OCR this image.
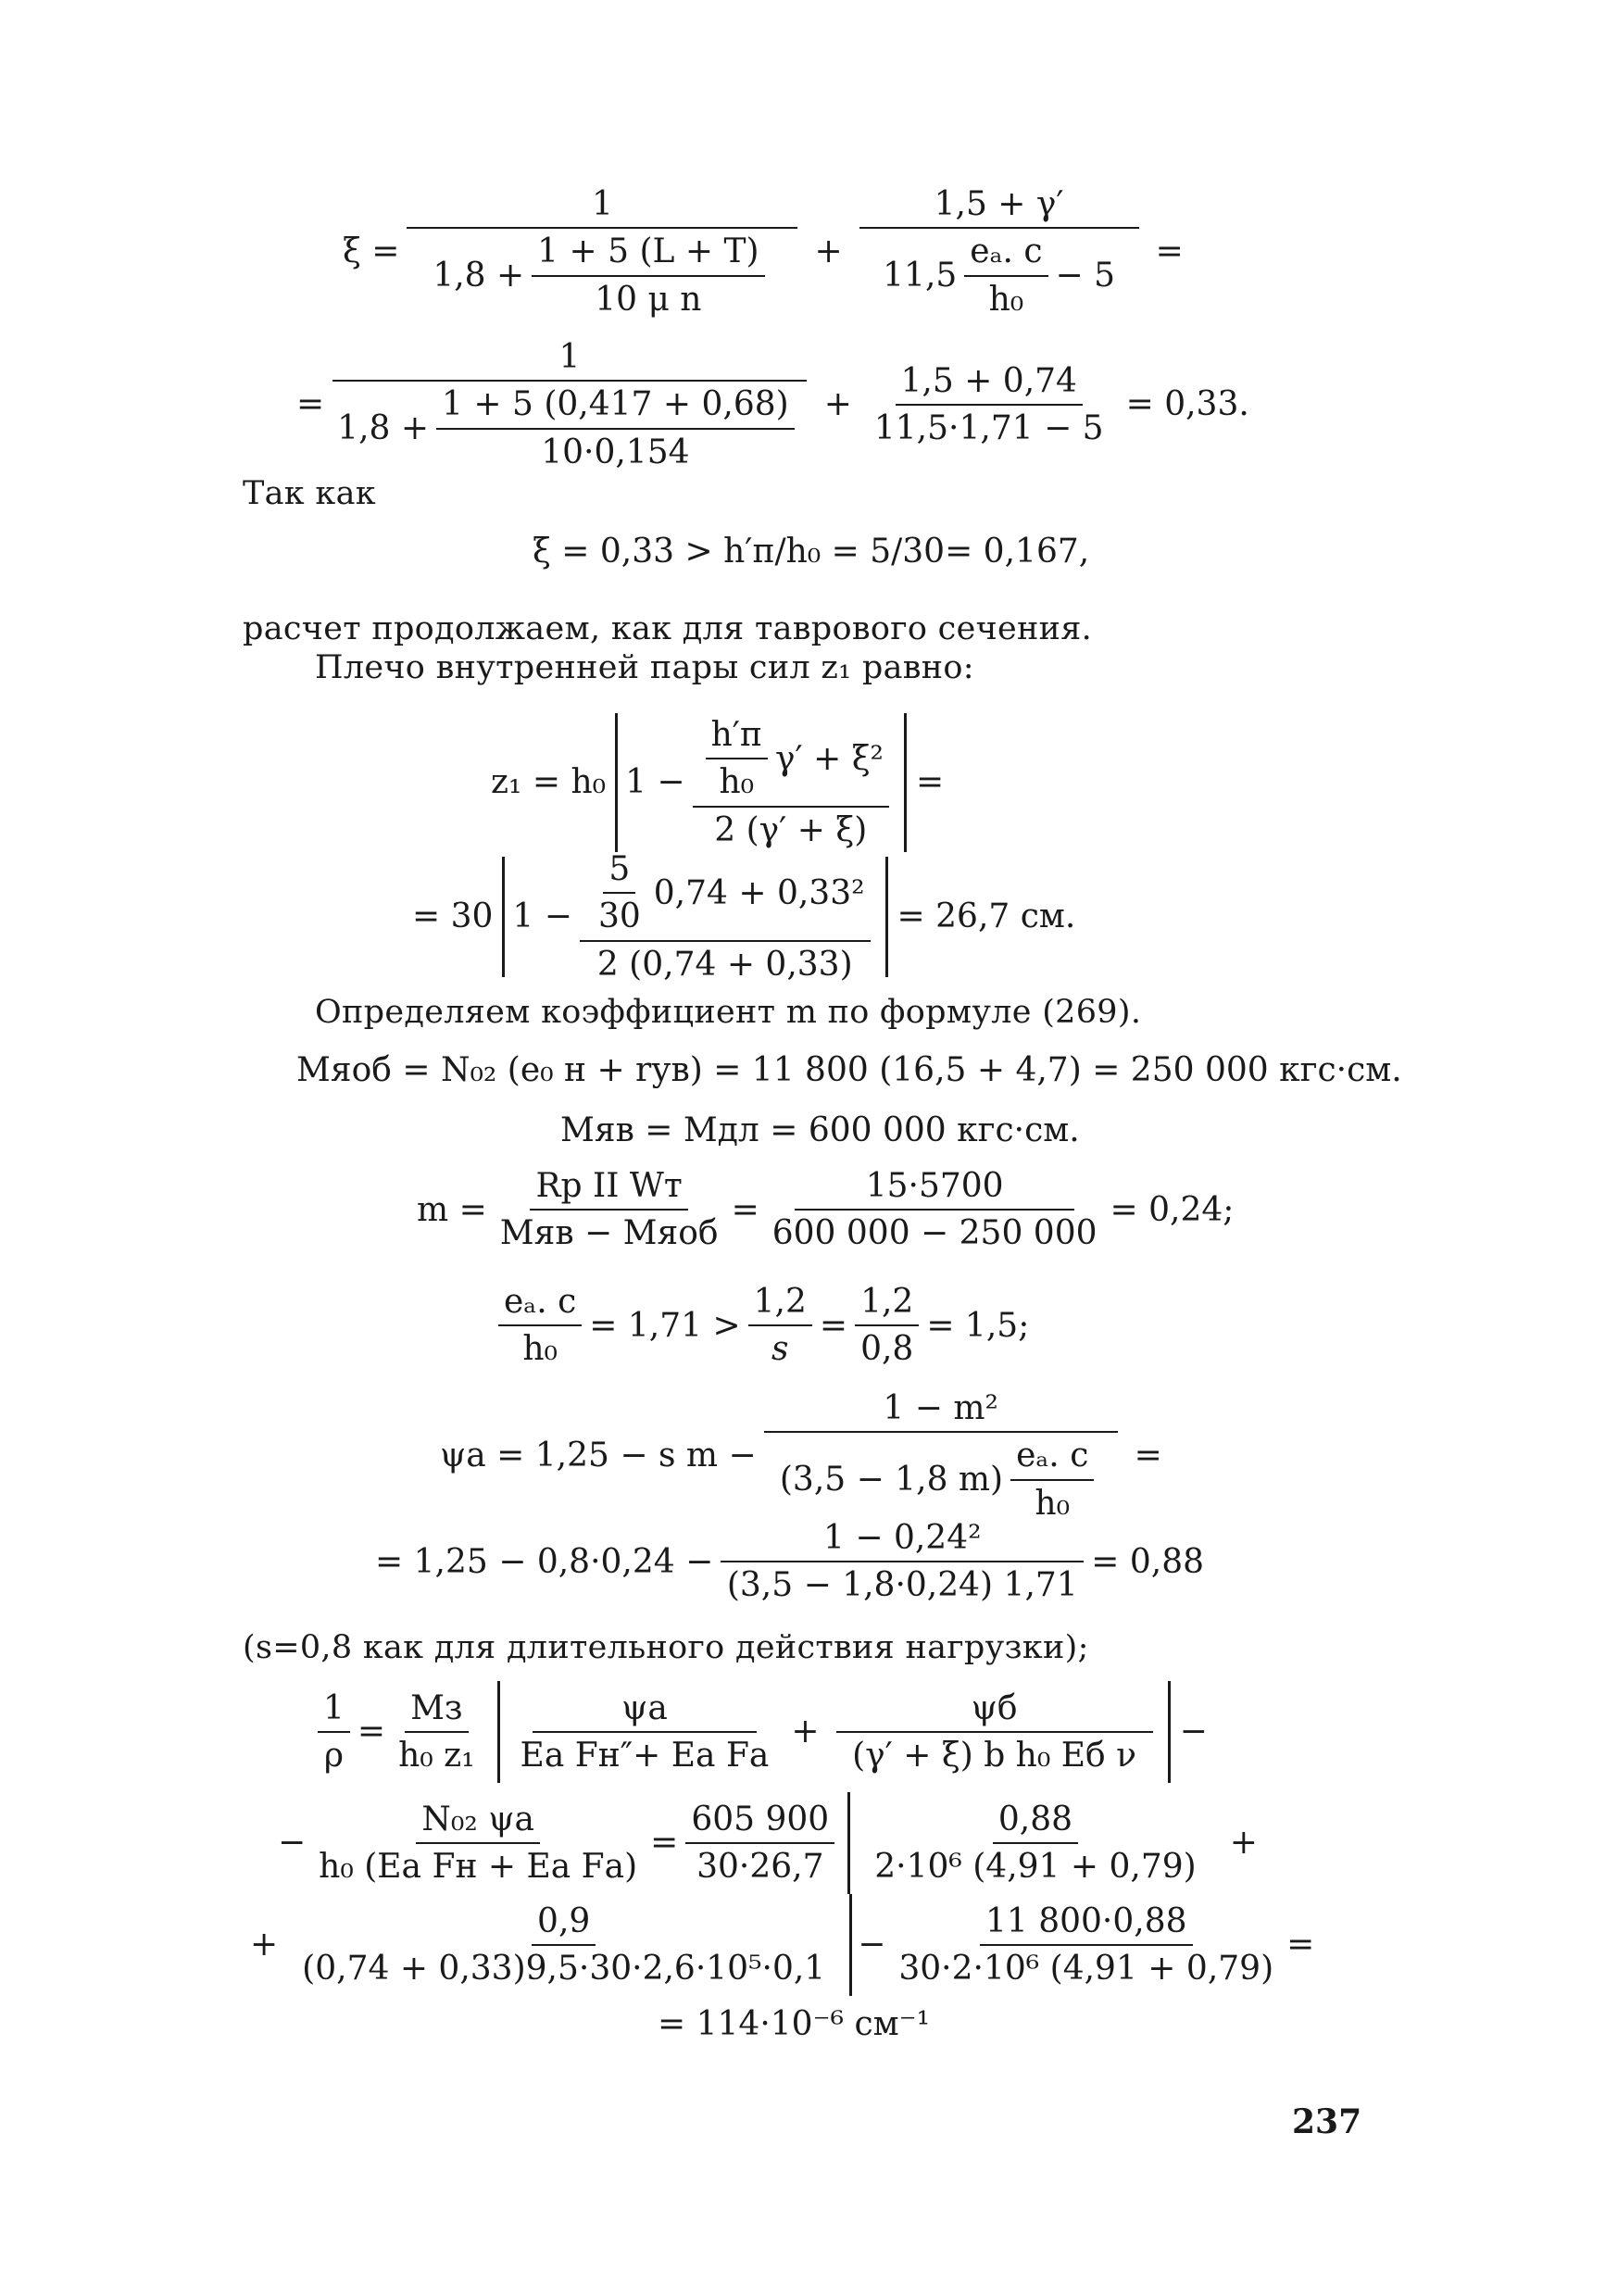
$\xi = \frac{1}{1,8 + \frac{1 + 5 (L + T)}{\text{10 μ n}}} + \frac{1,5 + \gamma'}{11,5 \frac{\text{eₐ. c}}{\text{h₀}} - 5}$ =
= $\frac{1}{1,8 + \frac{1 + 5 (0,417 + 0,68)}{10\cdot 0,154}} + \frac{1,5 + 0,74}{11,5\cdot 1,71 - 5} = 0,33$.
Так как
ξ = 0,33 > h′п/h₀ = 5/30= 0,167,
расчет продолжаем, как для таврового сечения.
Плечо внутренней пары сил z₁ равно:
z₁ = h₀ $1 - \frac{\frac{h'п}{\text{h₀}} \gamma' + \xi^2}{2 (\gamma' + \xi)}$ =
= 30 $1 - \frac{\frac{5}{30} 0,74 + 0,33^2}{2 (0,74 + 0,33)} = 26,7$ см.
Определяем коэффициент m по формуле (269).
Mяоб = N₀₂ (e₀ н + rув) = 11 800 (16,5 + 4,7) = 250 000 кгс·см.
Mяв = Mдл = 600 000 кгс·см.
$m = \frac{\text{Rр II Wт}}{\text{Mяв − Mяоб}} = \frac{15\cdot 5700}{600 000 - 250 000} = 0,24$;
$\frac{\text{eₐ. c}}{\text{h₀}} = 1,71 > \frac{1,2}{s} = \frac{1,2}{0,8} = 1,5$;
ψа = 1,25 − s $m - \frac{\text{1 − m²}}{(3,5 - 1,8 m) \frac{\text{eₐ. c}}{\text{h₀}}}$ =
= $1,25 - 0,8\cdot 0,24 - \frac{\text{1 − 0,24²}}{(3,5 - 1,8\cdot 0,24) 1,71} = 0,88$
(s=0,8 как для длительного действия нагрузки);
$\frac{1}{\rho} = \frac{Mз}{\text{h₀ z₁}} \frac{\psi а}{\text{Eа Fн″+ Eа Fа}} + \frac{\psi б}{\text{(γ′ + ξ) b h₀ Eб ν}}$ −
− $\frac{\text{N₀₂ ψа}}{\text{h₀ (Eа Fн + Eа Fа)}} = \frac{605 900}{30\cdot 26,7} \frac{0,88}{\text{2·10⁶ (4,91 + 0,79)}}$ +
+ $\frac{0,9}{\text{(0,74 + 0,33)9,5·30·2,6·10⁵·0,1}} - \frac{11 800\cdot 0,88}{\text{30·2·10⁶ (4,91 + 0,79)}}$ =
= 114·10⁻⁶ см⁻¹
237
